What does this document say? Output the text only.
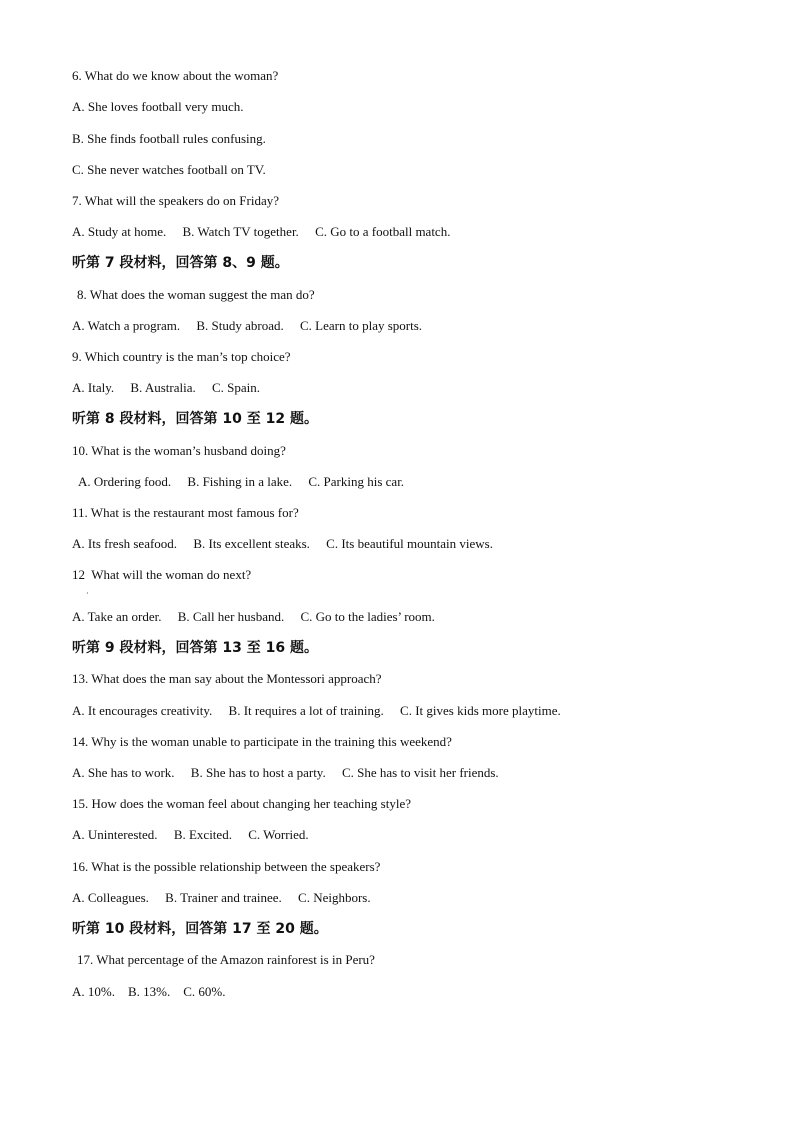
6. What do we know about the woman?
A. She loves football very much.
B. She finds football rules confusing.
C. She never watches football on TV.
7. What will the speakers do on Friday?
A. Study at home. B. Watch TV together. C. Go to a football match.
听第 7 段材料，回答第 8、9 题。
8. What does the woman suggest the man do?
A. Watch a program. B. Study abroad. C. Learn to play sports.
9. Which country is the man’s top choice?
A. Italy. B. Australia. C. Spain.
听第 8 段材料，回答第 10 至 12 题。
10. What is the woman’s husband doing?
A. Ordering food. B. Fishing in a lake. C. Parking his car.
11. What is the restaurant most famous for?
A. Its fresh seafood. B. Its excellent steaks. C. Its beautiful mountain views.
12 What will the woman do next?
·
A. Take an order. B. Call her husband. C. Go to the ladies’ room.
听第 9 段材料，回答第 13 至 16 题。
13. What does the man say about the Montessori approach?
A. It encourages creativity. B. It requires a lot of training. C. It gives kids more playtime.
14. Why is the woman unable to participate in the training this weekend?
A. She has to work. B. She has to host a party. C. She has to visit her friends.
15. How does the woman feel about changing her teaching style?
A. Uninterested. B. Excited. C. Worried.
16. What is the possible relationship between the speakers?
A. Colleagues. B. Trainer and trainee. C. Neighbors.
听第 10 段材料，回答第 17 至 20 题。
17. What percentage of the Amazon rainforest is in Peru?
A. 10%. B. 13%. C. 60%.
